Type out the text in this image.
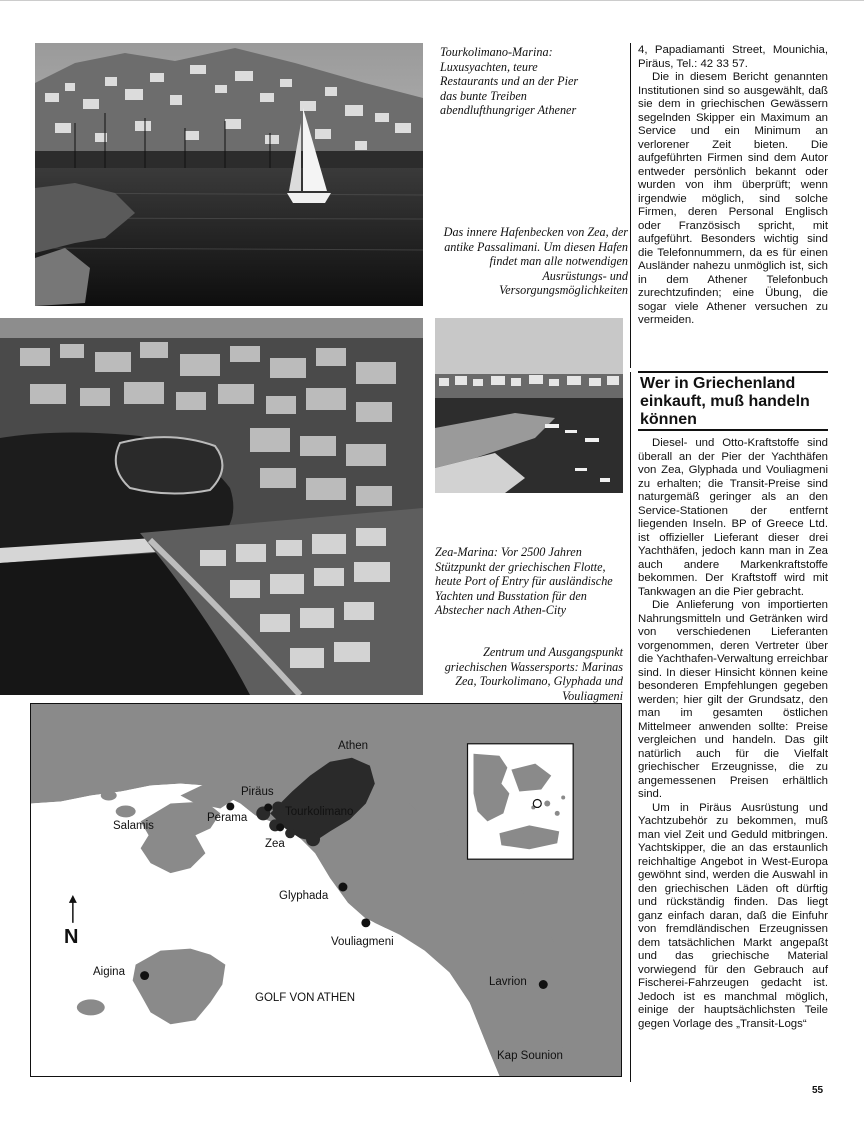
Tourkolimano-Marina: Luxusyachten, teure Restaurants und an der Pier das bunte Treiben abendlufthungriger Athener
Das innere Hafenbecken von Zea, der antike Passalimani. Um diesen Hafen findet man alle notwendigen Ausrüstungs- und Versorgungsmöglichkeiten
Zea-Marina: Vor 2500 Jahren Stützpunkt der griechischen Flotte, heute Port of Entry für ausländische Yachten und Busstation für den Abstecher nach Athen-City
Zentrum und Ausgangspunkt griechischen Wassersports: Marinas Zea, Tourkolimano, Glyphada und Vouliagmeni

4, Papadiamanti Street, Mounichia, Piräus, Tel.: 42 33 57.

Die in diesem Bericht genannten Institutionen sind so ausgewählt, daß sie dem in griechischen Gewässern segelnden Skipper ein Maximum an Service und ein Minimum an verlorener Zeit bieten. Die aufgeführten Firmen sind dem Autor entweder persönlich bekannt oder wurden von ihm überprüft; wenn irgendwie möglich, sind solche Firmen, deren Personal Englisch oder Französisch spricht, mit aufgeführt. Besonders wichtig sind die Telefonnummern, da es für einen Ausländer nahezu unmöglich ist, sich in dem Athener Telefonbuch zurechtzufinden; eine Übung, die sogar viele Athener versuchen zu vermeiden.

Wer in Griechenland einkauft, muß handeln können

Diesel- und Otto-Kraftstoffe sind überall an der Pier der Yachthäfen von Zea, Glyphada und Vouliagmeni zu erhalten; die Transit-Preise sind naturgemäß geringer als an den Service-Stationen der entfernt liegenden Inseln. BP of Greece Ltd. ist offizieller Lieferant dieser drei Yachthäfen, jedoch kann man in Zea auch andere Markenkraftstoffe bekommen. Der Kraftstoff wird mit Tankwagen an die Pier gebracht.

Die Anlieferung von importierten Nahrungsmitteln und Getränken wird von verschiedenen Lieferanten vorgenommen, deren Vertreter über die Yachthafen-Verwaltung erreichbar sind. In dieser Hinsicht können keine besonderen Empfehlungen gegeben werden; hier gilt der Grundsatz, den man im gesamten östlichen Mittelmeer anwenden sollte: Preise vergleichen und handeln. Das gilt natürlich auch für die Vielfalt griechischer Erzeugnisse, die zu angemessenen Preisen erhältlich sind.

Um in Piräus Ausrüstung und Yachtzubehör zu bekommen, muß man viel Zeit und Geduld mitbringen. Yachtskipper, die an das erstaunlich reichhaltige Angebot in West-Europa gewöhnt sind, werden die Auswahl in den griechischen Läden oft dürftig und rückständig finden. Das liegt ganz einfach daran, daß die Einfuhr von fremdländischen Erzeugnissen dem tatsächlichen Markt angepaßt und das griechische Material vorwiegend für den Gebrauch auf Fischerei-Fahrzeugen gedacht ist. Jedoch ist es manchmal möglich, einige der hauptsächlichsten Teile gegen Vorlage des „Transit-Logs“

Athen
Piräus
Tourkolimano
Perama
Salamis
Zea
Glyphada
Vouliagmeni
Aigina
GOLF VON ATHEN
Lavrion
Kap Sounion
N
55
